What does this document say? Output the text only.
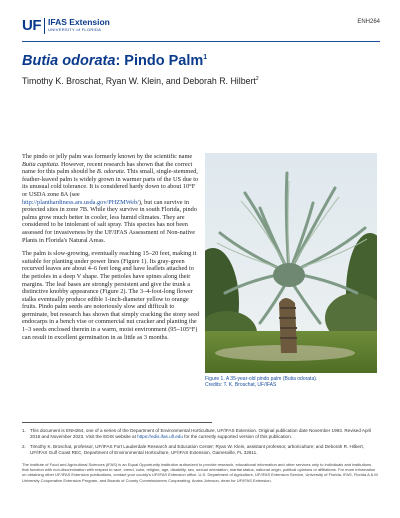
UF IFAS Extension
UNIVERSITY of FLORIDA
ENH264
Butia odorata: Pindo Palm$^1$
Timothy K. Broschat, Ryan W. Klein, and Deborah R. Hilbert$^2$

The pindo or jelly palm was formerly known by the scientific name Butia capitata. However, recent research has shown that the correct name for this palm should be B. odorata. This small, single-stemmed, feather-leaved palm is widely grown in warmer parts of the US due to its unusual cold tolerance. It is considered hardy down to about 10°F or USDA zone 8A (see http://planthardiness.ars.usda.gov/PHZMWeb/), but can survive in protected sites in zone 7B. While they survive in south Florida, pindo palms grow much better in cooler, less humid climates. They are considered to be intolerant of salt spray. This species has not been assessed for invasiveness by the UF/IFAS Assessment of Non-native Plants in Florida's Natural Areas.

The palm is slow-growing, eventually reaching 15–20 feet, making it suitable for planting under power lines (Figure 1). Its gray-green recurved leaves are about 4–6 feet long and have leaflets attached to the petioles in a deep V shape. The petioles have spines along their margins. The leaf bases are strongly persistent and give the trunk a distinctive knobby appearance (Figure 2). The 3–4-foot-long flower stalks eventually produce edible 1-inch-diameter yellow to orange fruits. Pindo palm seeds are notoriously slow and difficult to germinate, but research has shown that simply cracking the stony seed endocarps in a bench vise or commercial nut cracker and planting the 1–3 seeds enclosed therein in a warm, moist environment (95–105°F) can result in excellent germination in as little as 3 months.

Figure 1. A 35-year-old pindo palm (Butia odorata).
Credits: T. K. Broschat, UF/IFAS
1. This document is ENH264, one of a series of the Department of Environmental Horticulture, UF/IFAS Extension. Original publication date November 1993. Revised April 2015 and November 2023. Visit the EDIS website at https://edis.ifas.ufl.edu for the currently supported version of this publication.
2. Timothy K. Broschat, professor, UF/IFAS Fort Lauderdale Research and Education Center; Ryan W. Klein, assistant professor, arboriculture; and Deborah R. Hilbert, UF/IFAS Gulf Coast REC, Department of Environmental Horticulture, UF/IFAS Extension, Gainesville, FL 32611.
The Institute of Food and Agricultural Sciences (IFAS) is an Equal Opportunity Institution authorized to provide research, educational information and other services only to individuals and institutions that function with non-discrimination with respect to race, creed, color, religion, age, disability, sex, sexual orientation, marital status, national origin, political opinions or affiliations. For more information on obtaining other UF/IFAS Extension publications, contact your county's UF/IFAS Extension office. U.S. Department of Agriculture, UF/IFAS Extension Service, University of Florida, IFAS, Florida A & M University Cooperative Extension Program, and Boards of County Commissioners Cooperating. Andra Johnson, dean for UF/IFAS Extension.
